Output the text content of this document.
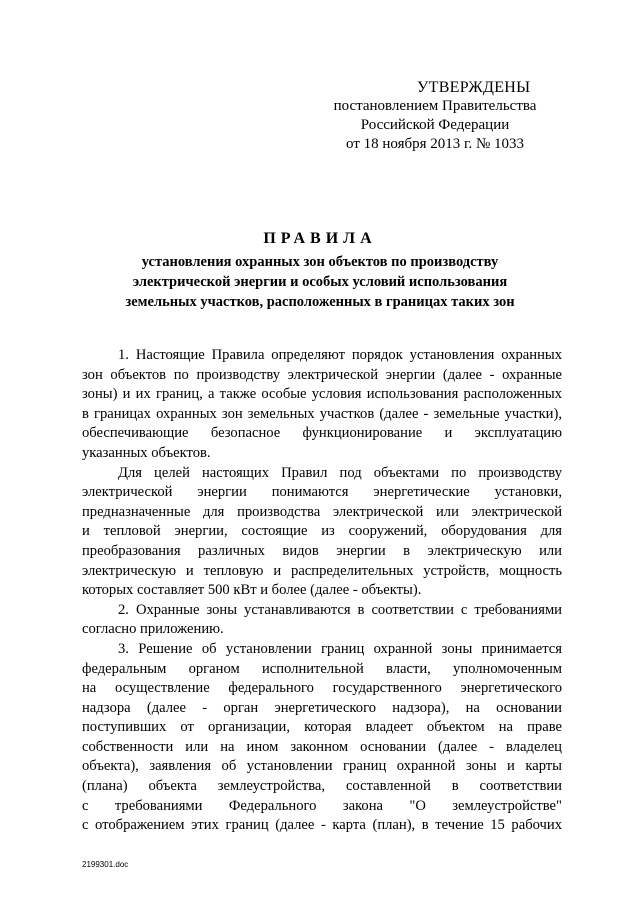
УТВЕРЖДЕНЫ
постановлением Правительства
Российской Федерации
от 18 ноября 2013 г. № 1033
ПРАВИЛА
установления охранных зон объектов по производству
электрической энергии и особых условий использования
земельных участков, расположенных в границах таких зон

1. Настоящие Правила определяют порядок установления охранных
зон объектов по производству электрической энергии (далее - охранные
зоны) и их границ, а также особые условия использования расположенных
в границах охранных зон земельных участков (далее - земельные участки),
обеспечивающие безопасное функционирование и эксплуатацию
указанных объектов.

Для целей настоящих Правил под объектами по производству
электрической энергии понимаются энергетические установки,
предназначенные для производства электрической или электрической
и тепловой энергии, состоящие из сооружений, оборудования для
преобразования различных видов энергии в электрическую или
электрическую и тепловую и распределительных устройств, мощность
которых составляет 500 кВт и более (далее - объекты).

2. Охранные зоны устанавливаются в соответствии с требованиями
согласно приложению.

3. Решение об установлении границ охранной зоны принимается
федеральным органом исполнительной власти, уполномоченным
на осуществление федерального государственного энергетического
надзора (далее - орган энергетического надзора), на основании
поступивших от организации, которая владеет объектом на праве
собственности или на ином законном основании (далее - владелец
объекта), заявления об установлении границ охранной зоны и карты
(плана) объекта землеустройства, составленной в соответствии
с требованиями Федерального закона "О землеустройстве"
с отображением этих границ (далее - карта (план), в течение 15 рабочих

2199301.doc
